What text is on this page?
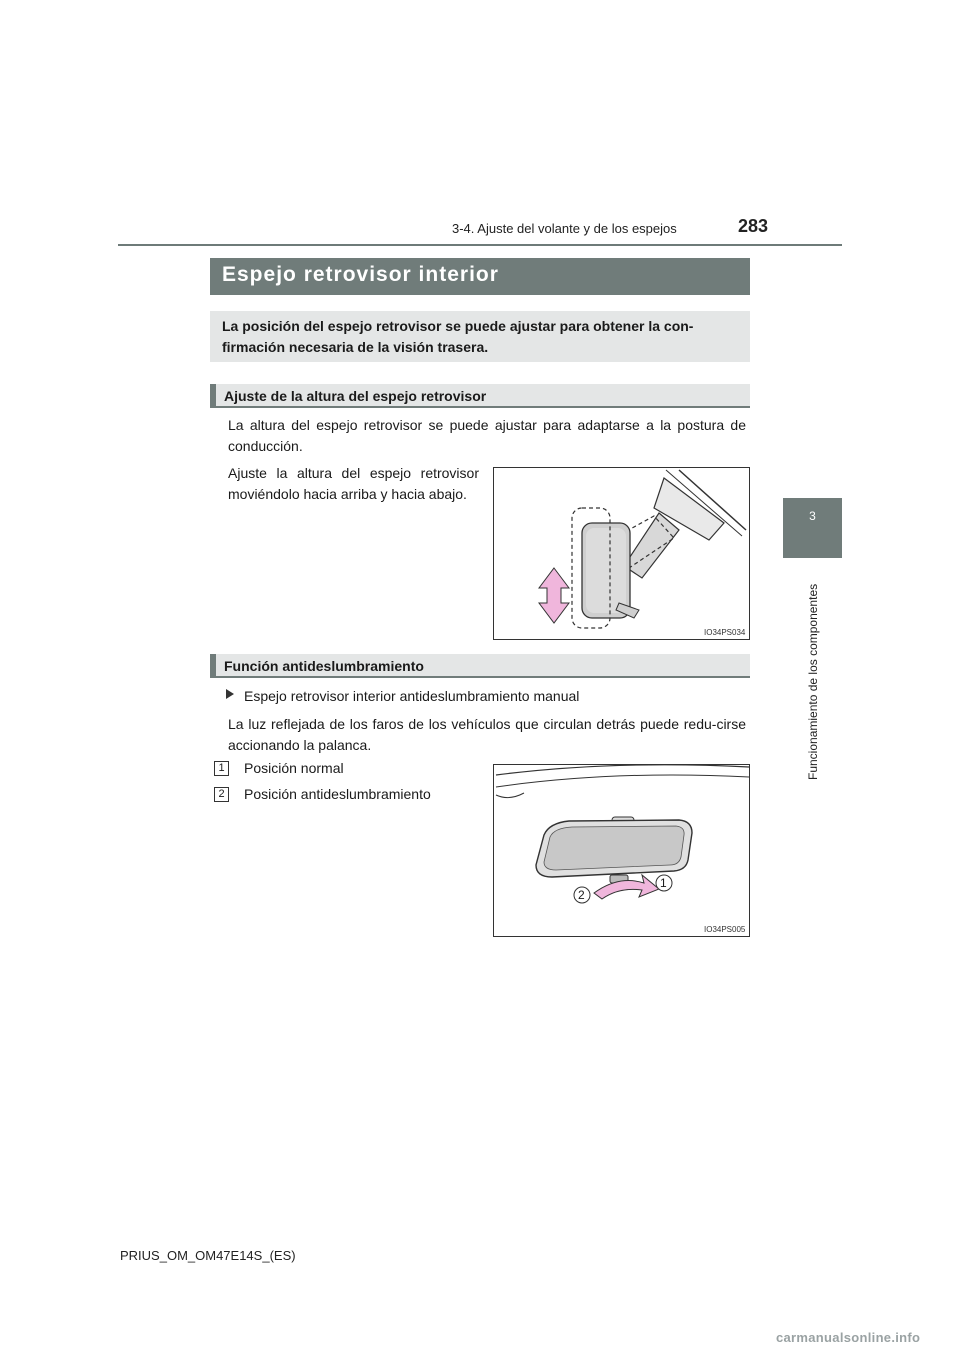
3-4. Ajuste del volante y de los espejos	283
3
Funcionamiento de los componentes
Espejo retrovisor interior
La posición del espejo retrovisor se puede ajustar para obtener la con-firmación necesaria de la visión trasera.
Ajuste de la altura del espejo retrovisor
La altura del espejo retrovisor se puede ajustar para adaptarse a la postura de conducción.
Ajuste la altura del espejo retrovisor moviéndolo hacia arriba y hacia abajo.
IO34PS034
Función antideslumbramiento
Espejo retrovisor interior antideslumbramiento manual
La luz reflejada de los faros de los vehículos que circulan detrás puede redu-cirse accionando la palanca.
1	Posición normal
2	Posición antideslumbramiento
2
1
IO34PS005
PRIUS_OM_OM47E14S_(ES)
carmanualsonline.info
